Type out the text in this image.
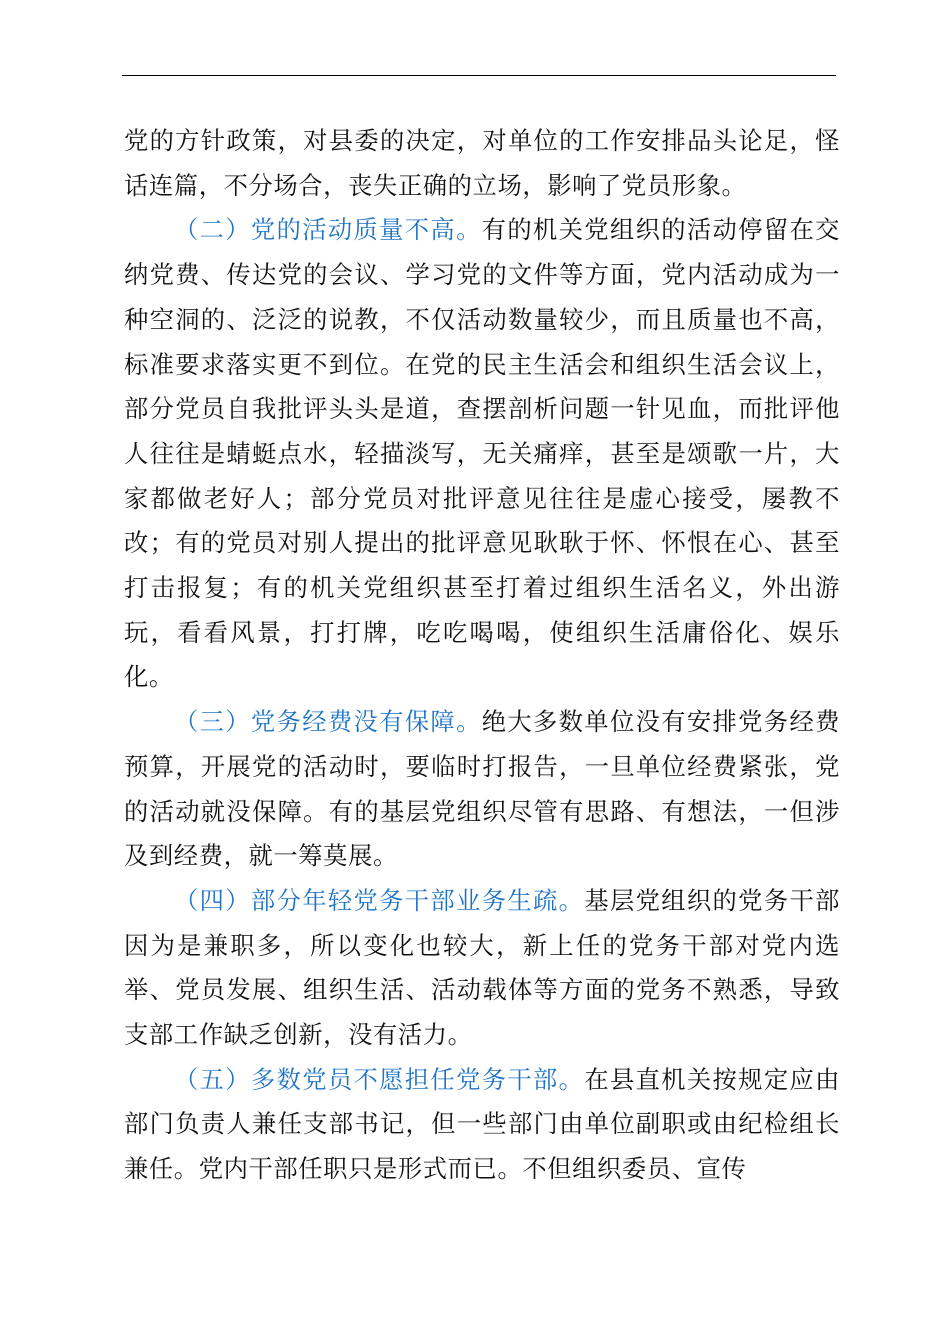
党的方针政策，对县委的决定，对单位的工作安排品头论足，怪话连篇，不分场合，丧失正确的立场，影响了党员形象。

（二）党的活动质量不高。有的机关党组织的活动停留在交纳党费、传达党的会议、学习党的文件等方面，党内活动成为一种空洞的、泛泛的说教，不仅活动数量较少，而且质量也不高，标准要求落实更不到位。在党的民主生活会和组织生活会议上，部分党员自我批评头头是道，查摆剖析问题一针见血，而批评他人往往是蜻蜓点水，轻描淡写，无关痛痒，甚至是颂歌一片，大家都做老好人；部分党员对批评意见往往是虚心接受，屡教不改；有的党员对别人提出的批评意见耿耿于怀、怀恨在心、甚至打击报复；有的机关党组织甚至打着过组织生活名义，外出游玩，看看风景，打打牌，吃吃喝喝，使组织生活庸俗化、娱乐化。

（三）党务经费没有保障。绝大多数单位没有安排党务经费预算，开展党的活动时，要临时打报告，一旦单位经费紧张，党的活动就没保障。有的基层党组织尽管有思路、有想法，一但涉及到经费，就一筹莫展。

（四）部分年轻党务干部业务生疏。基层党组织的党务干部因为是兼职多，所以变化也较大，新上任的党务干部对党内选举、党员发展、组织生活、活动载体等方面的党务不熟悉，导致支部工作缺乏创新，没有活力。

（五）多数党员不愿担任党务干部。在县直机关按规定应由部门负责人兼任支部书记，但一些部门由单位副职或由纪检组长兼任。党内干部任职只是形式而已。不但组织委员、宣传
